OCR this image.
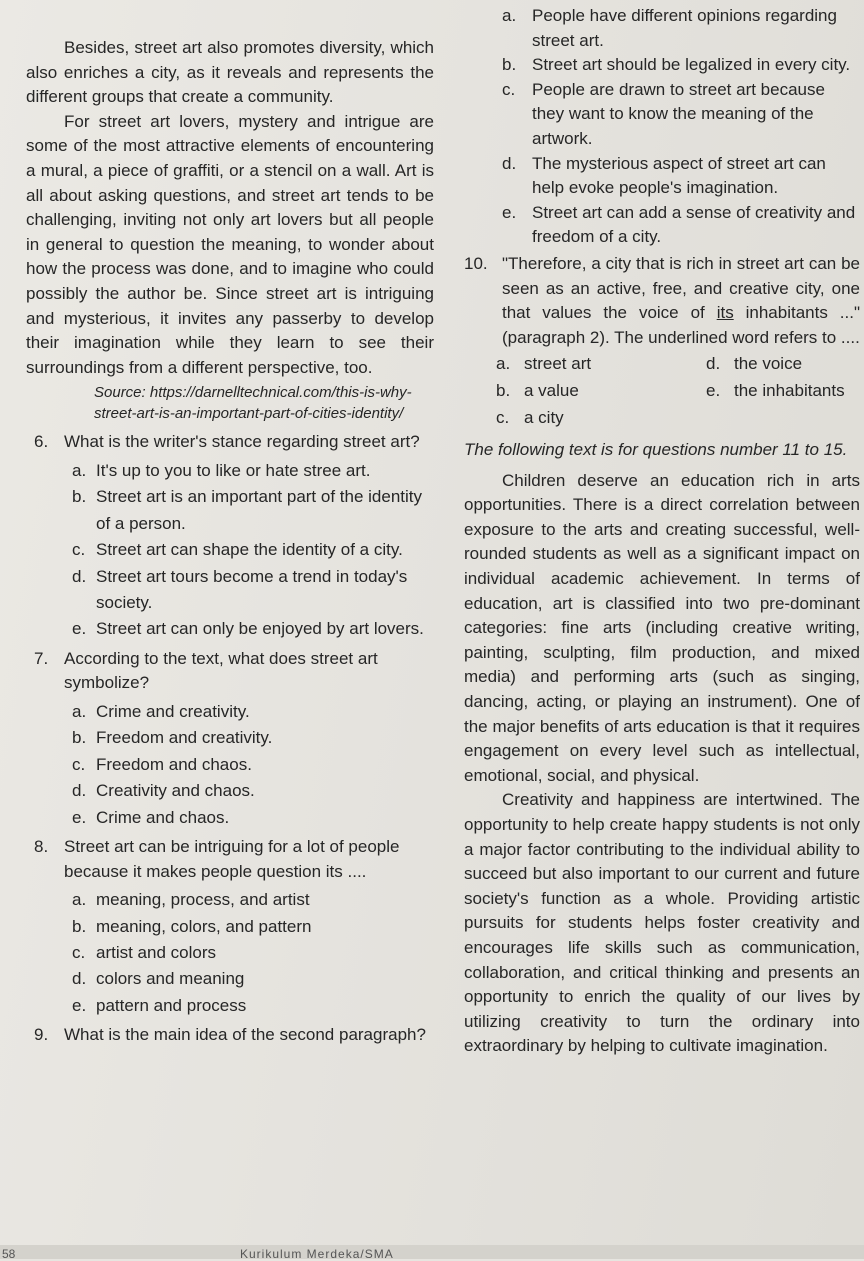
Besides, street art also promotes diversity, which also enriches a city, as it reveals and represents the different groups that create a community.

For street art lovers, mystery and intrigue are some of the most attractive elements of encountering a mural, a piece of graffiti, or a stencil on a wall. Art is all about asking questions, and street art tends to be challenging, inviting not only art lovers but all people in general to question the meaning, to wonder about how the process was done, and to imagine who could possibly the author be. Since street art is intriguing and mysterious, it invites any passerby to develop their imagination while they learn to see their surroundings from a different perspective, too.

Source: https://darnelltechnical.com/this-is-why-street-art-is-an-important-part-of-cities-identity/

6. What is the writer's stance regarding street art?
a. It's up to you to like or hate stree art.
b. Street art is an important part of the identity of a person.
c. Street art can shape the identity of a city.
d. Street art tours become a trend in today's society.
e. Street art can only be enjoyed by art lovers.
7. According to the text, what does street art symbolize?
a. Crime and creativity.
b. Freedom and creativity.
c. Freedom and chaos.
d. Creativity and chaos.
e. Crime and chaos.
8. Street art can be intriguing for a lot of people because it makes people question its ....
a. meaning, process, and artist
b. meaning, colors, and pattern
c. artist and colors
d. colors and meaning
e. pattern and process
9. What is the main idea of the second paragraph?
a. People have different opinions regarding street art.
b. Street art should be legalized in every city.
c. People are drawn to street art because they want to know the meaning of the artwork.
d. The mysterious aspect of street art can help evoke people's imagination.
e. Street art can add a sense of creativity and freedom of a city.
10. "Therefore, a city that is rich in street art can be seen as an active, free, and creative city, one that values the voice of its inhabitants ..." (paragraph 2). The underlined word refers to ....
a. street art	d. the voice
b. a value	e. the inhabitants
c. a city

The following text is for questions number 11 to 15.

Children deserve an education rich in arts opportunities. There is a direct correlation between exposure to the arts and creating successful, well-rounded students as well as a significant impact on individual academic achievement. In terms of education, art is classified into two pre-dominant categories: fine arts (including creative writing, painting, sculpting, film production, and mixed media) and performing arts (such as singing, dancing, acting, or playing an instrument). One of the major benefits of arts education is that it requires engagement on every level such as intellectual, emotional, social, and physical.

Creativity and happiness are intertwined. The opportunity to help create happy students is not only a major factor contributing to the individual ability to succeed but also important to our current and future society's function as a whole. Providing artistic pursuits for students helps foster creativity and encourages life skills such as communication, collaboration, and critical thinking and presents an opportunity to enrich the quality of our lives by utilizing creativity to turn the ordinary into extraordinary by helping to cultivate imagination.

58	Kurikulum Merdeka/SMA
